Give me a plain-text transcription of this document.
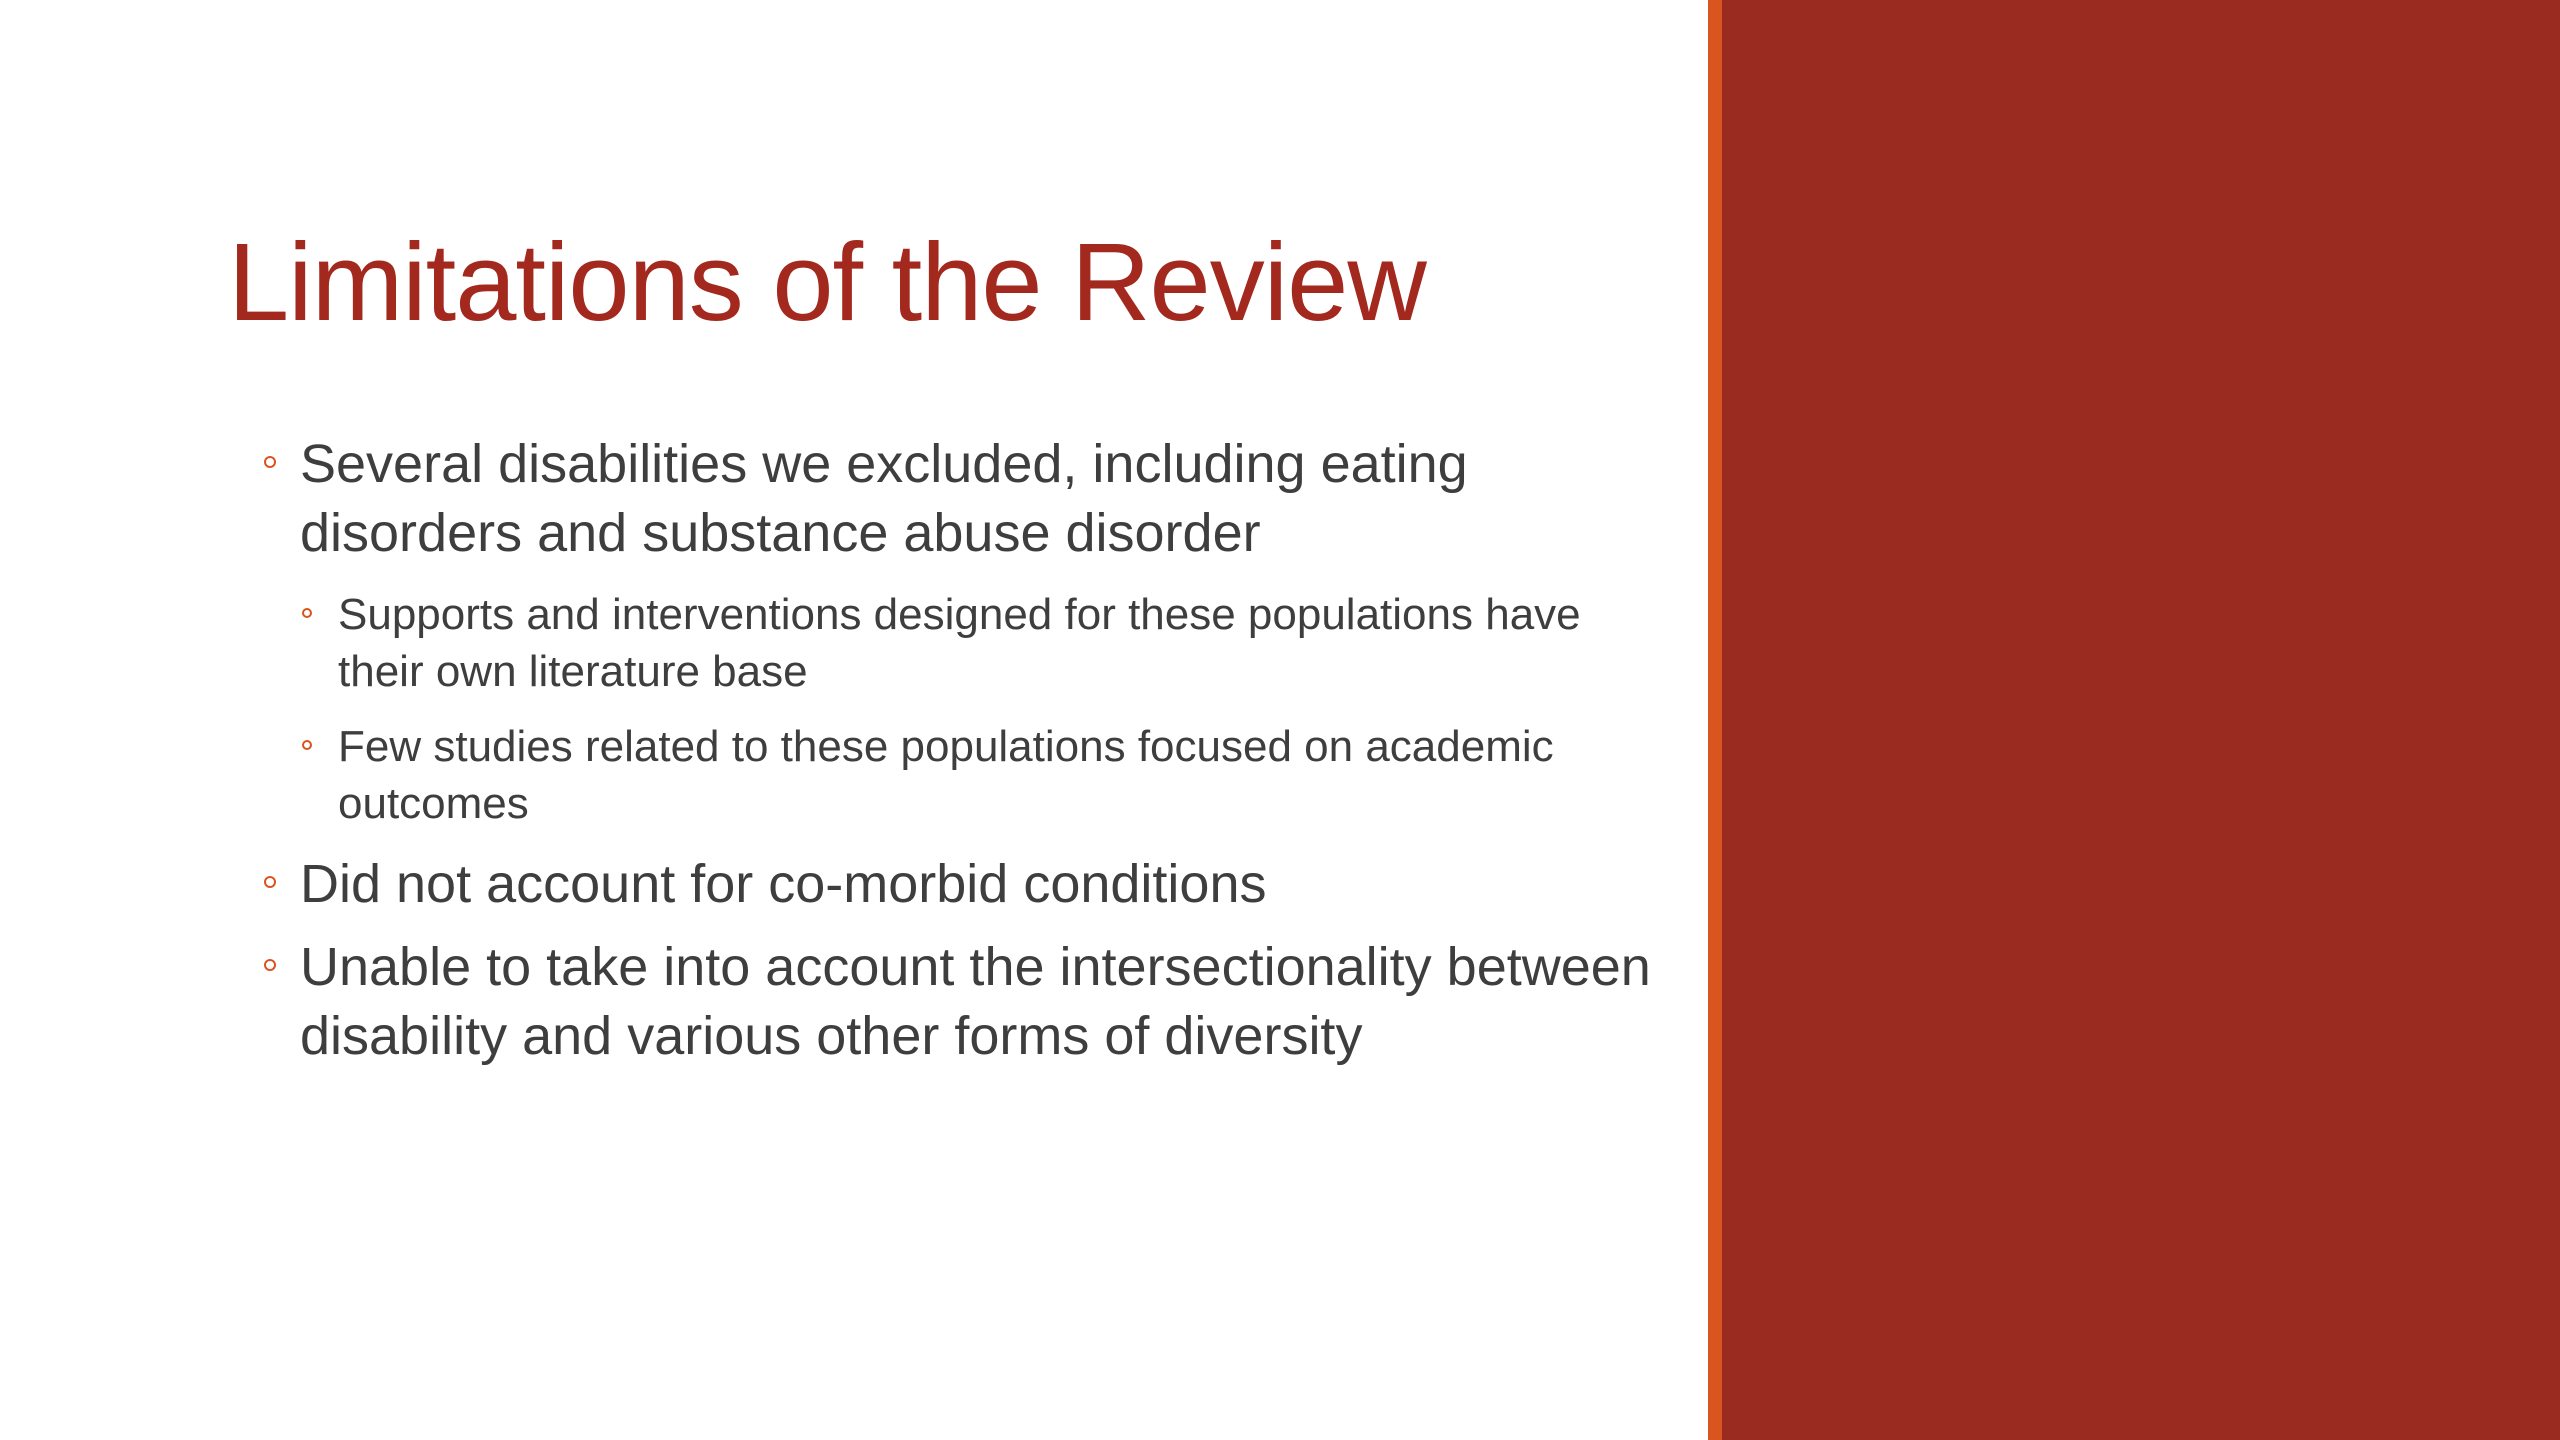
Limitations of the Review
Several disabilities we excluded, including eating disorders and substance abuse disorder
Supports and interventions designed for these populations have their own literature base
Few studies related to these populations focused on academic outcomes
Did not account for co-morbid conditions
Unable to take into account the intersectionality between disability and various other forms of diversity
